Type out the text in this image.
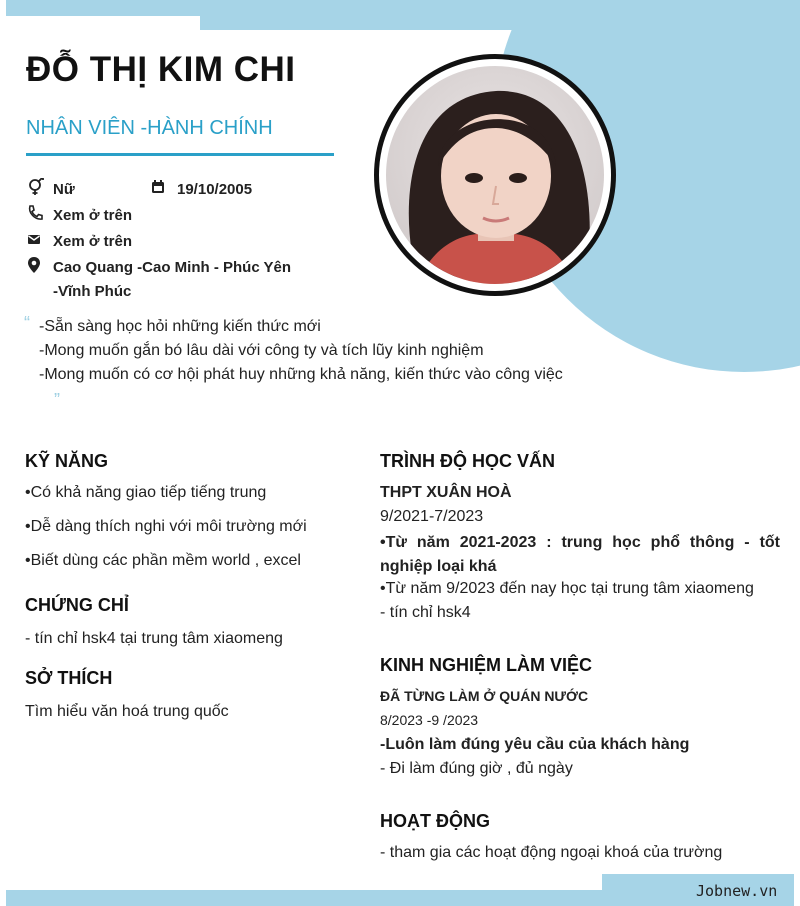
Jobnew.vn
ĐỖ THỊ KIM CHI
NHÂN VIÊN -HÀNH CHÍNH
Nữ	19/10/2005
Xem ở trên
Xem ở trên
Cao Quang -Cao Minh - Phúc Yên
-Vĩnh Phúc
“ -Sẵn sàng học hỏi những kiến thức mới
-Mong muốn gắn bó lâu dài với công ty và tích lũy kinh nghiệm
-Mong muốn có cơ hội phát huy những khả năng, kiến thức vào công việc
”
KỸ NĂNG
•Có khả năng giao tiếp tiếng trung
•Dễ dàng thích nghi với môi trường mới
•Biết dùng các phần mềm world , excel
CHỨNG CHỈ
- tín chỉ hsk4 tại trung tâm xiaomeng
SỞ THÍCH
Tìm hiểu văn hoá trung quốc
TRÌNH ĐỘ HỌC VẤN
THPT XUÂN HOÀ
9/2021-7/2023
•Từ năm 2021-2023 : trung học phổ thông - tốt nghiệp loại khá
•Từ năm 9/2023 đến nay học tại trung tâm xiaomeng
- tín chỉ hsk4
KINH NGHIỆM LÀM VIỆC
ĐÃ TỪNG LÀM Ở QUÁN NƯỚC
8/2023 -9 /2023
-Luôn làm đúng yêu cầu của khách hàng
- Đi làm đúng giờ , đủ ngày
HOẠT ĐỘNG
- tham gia các hoạt động ngoại khoá của trường
